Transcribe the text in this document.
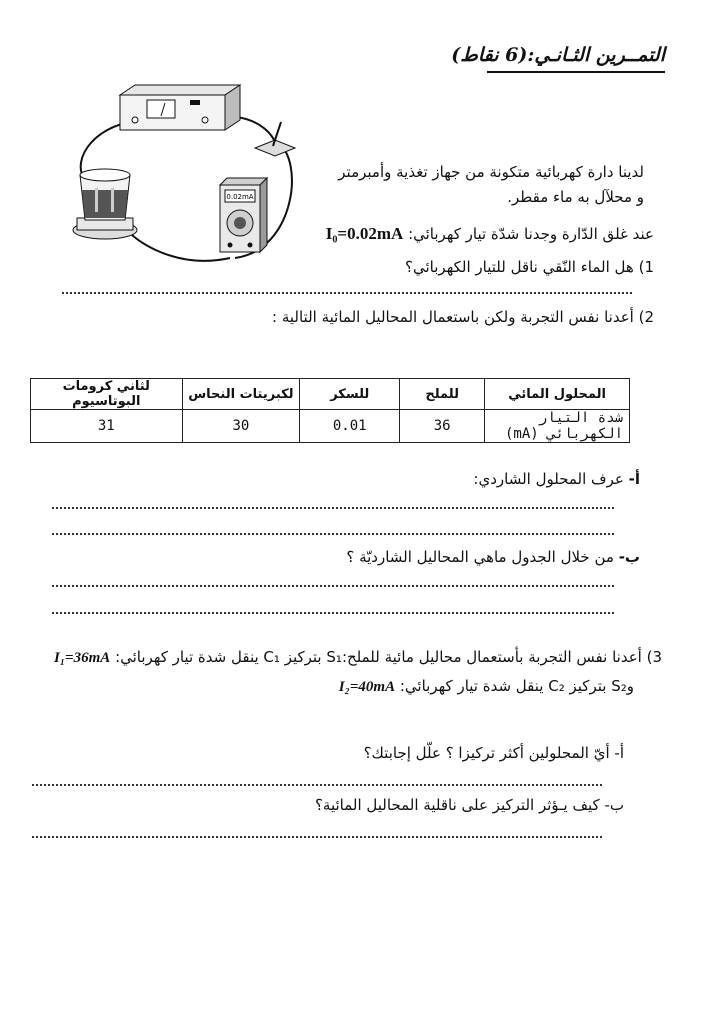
التمــرين الثـانـي:(6 نقاط)
0.02mA
لدينا دارة كهربائية متكونة من جهاز تغذية وأمبرمتر
و محلآل به ماء مقطر.
عند غلق الدّارة وجدنا شدّة تيار كهربائي: I₀=0.02mA
1) هل الماء النّقي ناقل للتيار الكهربائي؟
2) أعدنا نفس التجربة ولكن باستعمال المحاليل المائية التالية :
المحلول المائي	للملح	للسكر	لكبريتات النحاس	لثاني كرومات البوتاسيوم
شدة التيار الكهربائي (mA)	36	0.01	30	31
أ- عرف المحلول الشاردي:
ب- من خلال الجدول ماهي المحاليل الشارديّة ؟
3) أعدنا نفس التجربة بأستعمال محاليل مائية للملح:S₁ بتركيز C₁ ينقل شدة تيار كهربائي: I₁=36mA
وS₂ بتركيز C₂ ينقل شدة تيار كهربائي: I₂=40mA
أ- أيّ المحلولين أكثر تركيزا ؟ علّل إجابتك؟
ب- كيف يـؤثر التركيز على ناقلية المحاليل المائية؟
